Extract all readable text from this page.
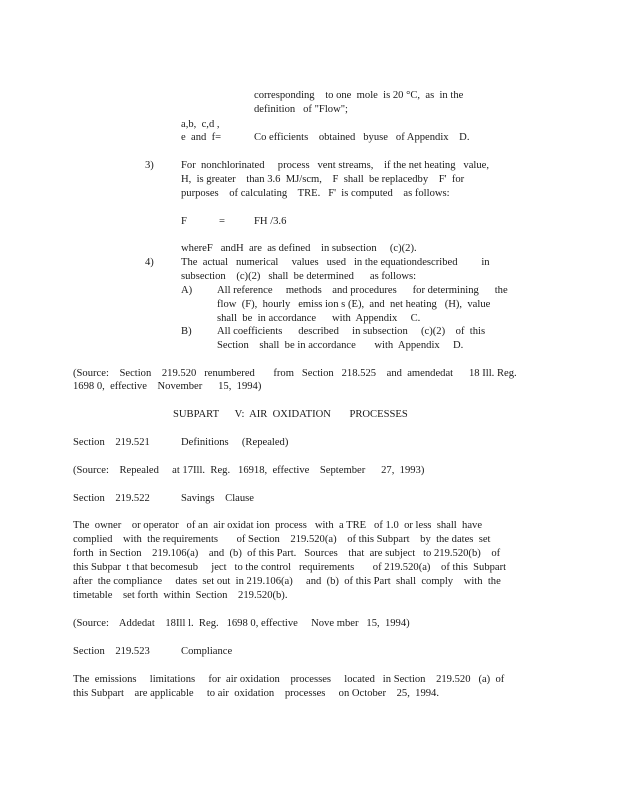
corresponding    to one  mole  is 20 °C,  as  in the
definition   of "Flow";
a,b,  c,d ,
e  and  f=	Co efficients    obtained   byuse   of Appendix    D.
3)	For  nonchlorinated     process   vent streams,    if the net heating   value,
H,  is greater    than 3.6  MJ/scm,    F  shall  be replacedby    F'  for
purposes    of calculating    TRE.   F'  is computed    as follows:
F	=	FH /3.6
whereF   andH  are  as defined    in subsection     (c)(2).
4)	The  actual   numerical     values   used   in the equationdescribed         in
subsection    (c)(2)   shall  be determined      as follows:
A) All reference     methods    and procedures      for determining      the
flow  (F),  hourly   emiss ion s (E),  and  net heating   (H),  value
shall  be  in accordance      with  Appendix     C.
B) All coefficients      described     in subsection     (c)(2)    of  this
Section    shall  be in accordance       with  Appendix     D.
(Source:    Section    219.520   renumbered       from   Section   218.525    and  amendedat      18 Ill. Reg.
1698 0,  effective    November      15,  1994)
SUBPART      V:  AIR  OXIDATION       PROCESSES
Section    219.521	Definitions     (Repealed)
(Source:    Repealed     at 17Ill.  Reg.   16918,  effective    September      27,  1993)
Section    219.522	Savings    Clause
The  owner    or operator   of an  air oxidat ion  process   with  a TRE   of 1.0  or less  shall  have
complied    with  the requirements       of Section    219.520(a)    of this Subpart    by  the dates  set
forth  in Section    219.106(a)    and  (b)  of this Part.   Sources    that  are subject   to 219.520(b)    of
this Subpar  t that becomesub     ject   to the control   requirements       of 219.520(a)    of this  Subpart
after  the compliance     dates  set out  in 219.106(a)     and  (b)  of this Part  shall  comply    with  the
timetable    set forth  within  Section    219.520(b).
(Source:    Addedat    18Ill l.  Reg.   1698 0, effective     Nove mber   15,  1994)
Section    219.523	Compliance
The  emissions     limitations     for  air oxidation    processes     located   in Section    219.520   (a)  of
this Subpart    are applicable     to air  oxidation    processes     on October    25,  1994.
